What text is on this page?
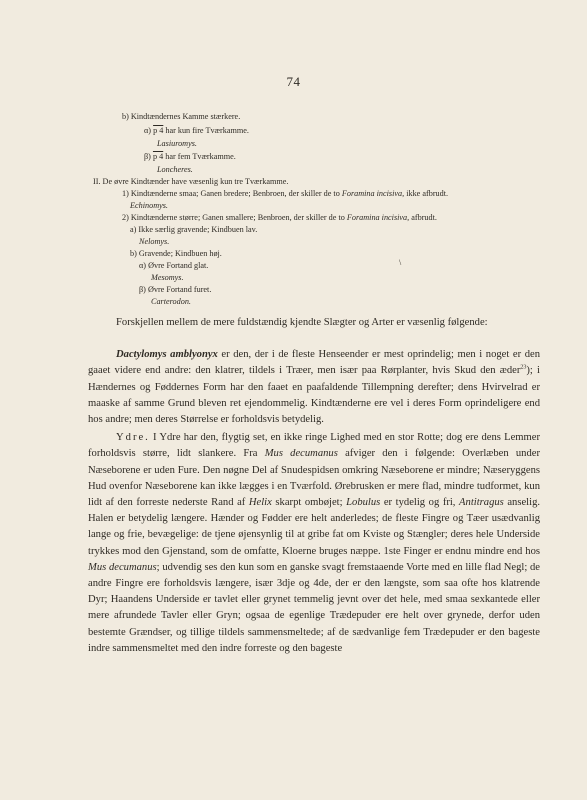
74
b) Kindtændernes Kamme stærkere.
α) p 4 har kun fire Tværkamme.
Lasiuromys.
β) p 4 har fem Tværkamme.
Loncheres.
II. De øvre Kindtænder have væsenlig kun tre Tværkamme.
1) Kindtænderne smaa; Ganen bredere; Benbroen, der skiller de to Foramina incisiva, ikke afbrudt.
Echinomys.
2) Kindtænderne større; Ganen smallere; Benbroen, der skiller de to Foramina incisiva, afbrudt.
a) Ikke særlig gravende; Kindbuen lav.
Nelomys.
b) Gravende; Kindbuen høj.
α) Øvre Fortand glat.
Mesomys.
β) Øvre Fortand furet.
Carterodon.
\

Forskjellen mellem de mere fuldstændig kjendte Slægter og Arter er væsenlig følgende:

Dactylomys amblyonyx er den, der i de fleste Henseender er mest oprindelig; men i noget er den gaaet videre end andre: den klatrer, tildels i Træer, men især paa Rørplanter, hvis Skud den æder$^{23}$); i Hændernes og Føddernes Form har den faaet en paafaldende Tillempning derefter; dens Hvirvelrad er maaske af samme Grund bleven ret ejendommelig. Kindtænderne ere vel i deres Form oprindeligere end hos andre; men deres Størrelse er forholdsvis betydelig.

Ydre. I Ydre har den, flygtig set, en ikke ringe Lighed med en stor Rotte; dog ere dens Lemmer forholdsvis større, lidt slankere. Fra Mus decumanus afviger den i følgende: Overlæben under Næseborene er uden Fure. Den nøgne Del af Snudespidsen omkring Næseborene er mindre; Næseryggens Hud ovenfor Næseborene kan ikke lægges i en Tværfold. Ørebrusken er mere flad, mindre tudformet, kun lidt af den forreste nederste Rand af Helix skarpt ombøjet; Lobulus er tydelig og fri, Antitragus anselig. Halen er betydelig længere. Hænder og Fødder ere helt anderledes; de fleste Fingre og Tæer usædvanlig lange og frie, bevægelige: de tjene øjensynlig til at gribe fat om Kviste og Stængler; deres hele Underside trykkes mod den Gjenstand, som de omfatte, Kloerne bruges næppe. 1ste Finger er endnu mindre end hos Mus decumanus; udvendig ses den kun som en ganske svagt fremstaaende Vorte med en lille flad Negl; de andre Fingre ere forholdsvis længere, især 3dje og 4de, der er den længste, som saa ofte hos klatrende Dyr; Haandens Underside er tavlet eller grynet temmelig jevnt over det hele, med smaa sexkantede eller mere afrundede Tavler eller Gryn; ogsaa de egenlige Trædepuder ere helt over grynede, derfor uden bestemte Grændser, og tillige tildels sammensmeltede; af de sædvanlige fem Trædepuder er den bageste indre sammensmeltet med den indre forreste og den bageste
